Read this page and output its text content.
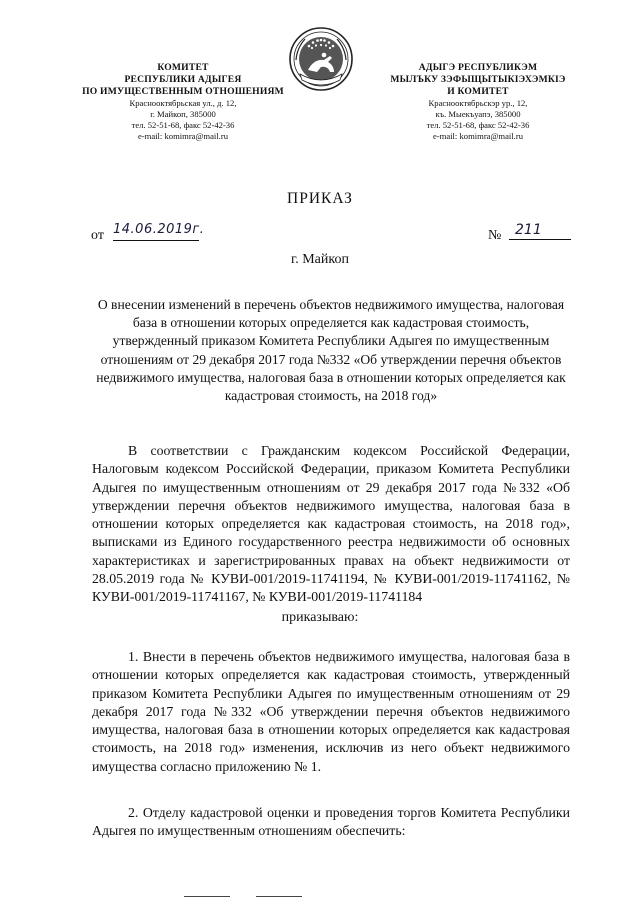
КОМИТЕТ
РЕСПУБЛИКИ АДЫГЕЯ
ПО ИМУЩЕСТВЕННЫМ ОТНОШЕНИЯМ
Краснооктябрьская ул., д. 12,
г. Майкоп, 385000
тел. 52-51-68, факс 52-42-36
e-mail: komimra@mail.ru
АДЫГЭ РЕСПУБЛИКЭМ
МЫЛЪКУ ЗЭФЫЩЫТЫКІЭХЭМКІЭ
И КОМИТЕТ
Краснооктябрьскэр ур., 12,
къ. Мыекъуапэ, 385000
тел. 52-51-68, факс 52-42-36
e-mail: komimra@mail.ru
ПРИКАЗ
от 14.06.2019г.	№ 211
г. Майкоп
О внесении изменений в перечень объектов недвижимого имущества, налоговая база в отношении которых определяется как кадастровая стоимость, утвержденный приказом Комитета Республики Адыгея по имущественным отношениям от 29 декабря 2017 года №332 «Об утверждении перечня объектов недвижимого имущества, налоговая база в отношении которых определяется как кадастровая стоимость, на 2018 год»
В соответствии с Гражданским кодексом Российской Федерации, Налоговым кодексом Российской Федерации, приказом Комитета Республики Адыгея по имущественным отношениям от 29 декабря 2017 года №332 «Об утверждении перечня объектов недвижимого имущества, налоговая база в отношении которых определяется как кадастровая стоимость, на 2018 год», выписками из Единого государственного реестра недвижимости об основных характеристиках и зарегистрированных правах на объект недвижимости от 28.05.2019 года № КУВИ-001/2019-11741194, № КУВИ-001/2019-11741162, № КУВИ-001/2019-11741167, № КУВИ-001/2019-11741184
приказываю:
1. Внести в перечень объектов недвижимого имущества, налоговая база в отношении которых определяется как кадастровая стоимость, утвержденный приказом Комитета Республики Адыгея по имущественным отношениям от 29 декабря 2017 года №332 «Об утверждении перечня объектов недвижимого имущества, налоговая база в отношении которых определяется как кадастровая стоимость, на 2018 год» изменения, исключив из него объект недвижимого имущества согласно приложению № 1.
2. Отделу кадастровой оценки и проведения торгов Комитета Республики Адыгея по имущественным отношениям обеспечить:
